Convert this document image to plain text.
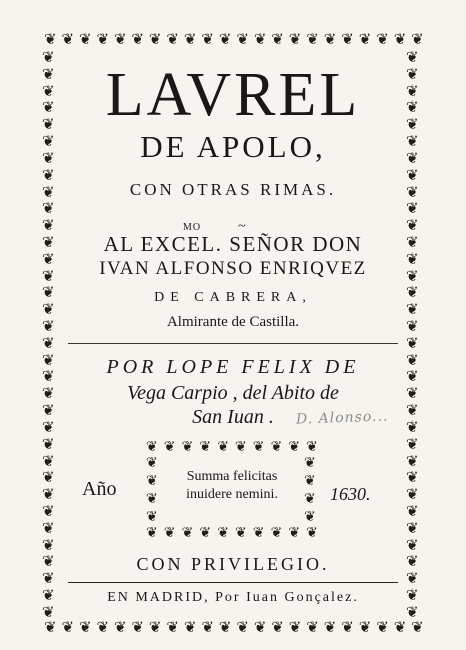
❦ ❦ ❦ ❦ ❦ ❦ ❦ ❦ ❦ ❦ ❦ ❦ ❦ ❦ ❦ ❦ ❦ ❦ ❦ ❦ ❦ ❦
❦ ❦ ❦ ❦ ❦ ❦ ❦ ❦ ❦ ❦ ❦ ❦ ❦ ❦ ❦ ❦ ❦ ❦ ❦ ❦ ❦ ❦
❦
❦
❦
❦
❦
❦
❦
❦
❦
❦
❦
❦
❦
❦
❦
❦
❦
❦
❦
❦
❦
❦
❦
❦
❦
❦
❦
❦
❦
❦
❦
❦
❦
❦
❦
❦
❦
❦
❦
❦
❦
❦
❦
❦
❦
❦
❦
❦
❦
❦
❦
❦
❦
❦
❦
❦
❦
❦
❦
❦
❦
❦
❦
❦
❦
❦
❦
❦
LAVREL
DE APOLO,
CON OTRAS RIMAS.
MO	~
AL EXCEL. SEÑOR DON
IVAN ALFONSO ENRIQVEZ
DE CABRERA,
Almirante de Castilla.
POR LOPE FELIX DE
Vega Carpio , del Abito de
San Iuan .	D. Alonso...
Año	1630.
❦ ❦ ❦ ❦ ❦ ❦ ❦ ❦ ❦ ❦
❦ ❦ ❦ ❦ ❦ ❦ ❦ ❦ ❦ ❦
❦
❦
❦
❦
❦
❦
❦
❦
Summa felicitas
inuidere nemini.
CON PRIVILEGIO.
EN MADRID, Por Iuan Gonçalez.
